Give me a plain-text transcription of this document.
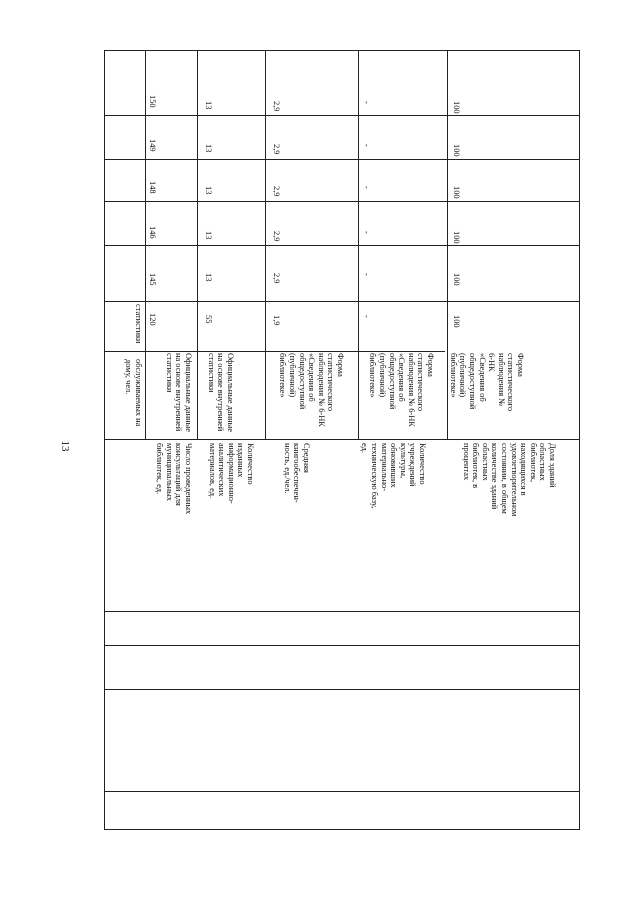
13
обслуживаемых на
дому, чел.
статистики
Число проведенных
консультаций для
муниципальных
библиотек, ед.
Официальные данные
на основе внутренней
статистики
120
145
146
148
149
150
Количество
изданных
информационно-
аналитических
материалов, ед.
Официальные данные
на основе внутренней
статистики
55
13
13
13
13
13
Средняя
книгообеспечен-
ность, ед./чел.
Форма
статистического
наблюдения № 6-НК
«Сведения об
общедоступной
(публичной)
библиотеке»
1,9
2,9
2,9
2,9
2,9
2,9
Количество
учреждений
культуры,
обновивших
материально-
техническую базу,
ед.
Форма
статистического
наблюдения № 6-НК
«Сведения об
общедоступной
(публичной)
библиотеке»
-
-
-
-
-
-
Доля зданий
областных
библиотек,
находящихся в
удовлетворительном
состоянии, в общем
количестве зданий
областных
библиотек, в
процентах
Форма
статистического
наблюдения № 6-НК
«Сведения об
общедоступной
(публичной)
библиотеке»
100
100
100
100
100
100
